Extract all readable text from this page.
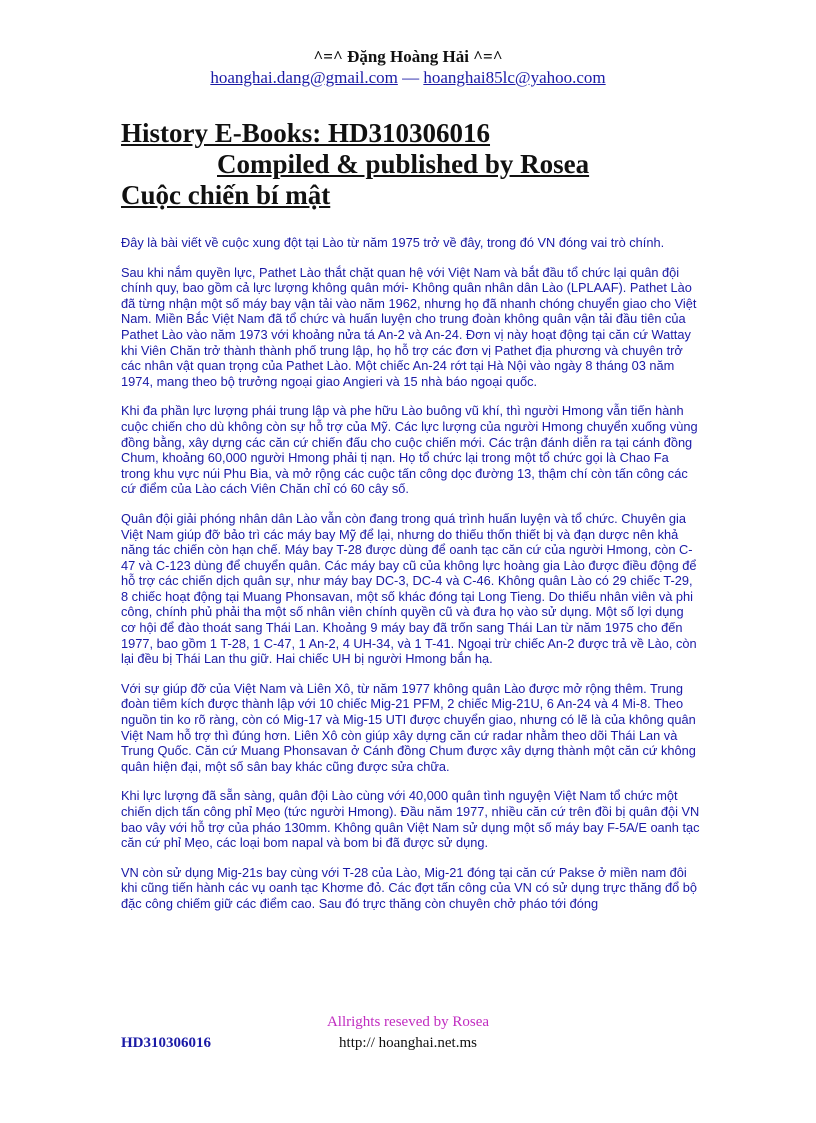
^=^ Đặng Hoàng Hải ^=^
hoanghai.dang@gmail.com — hoanghai85lc@yahoo.com
History E-Books: HD310306016
Compiled & published by Rosea
Cuộc chiến bí mật

Đây là bài viết về cuộc xung đột tại Lào từ năm 1975 trở về đây, trong đó VN đóng vai trò chính.

Sau khi nắm quyền lực, Pathet Lào thắt chặt quan hệ với Việt Nam và bắt đầu tổ chức lại quân đội chính quy, bao gồm cả lực lượng không quân mới- Không quân nhân dân Lào (LPLAAF). Pathet Lào đã từng nhận một số máy bay vận tải vào năm 1962, nhưng họ đã nhanh chóng chuyển giao cho Việt Nam. Miền Bắc Việt Nam đã tổ chức và huấn luyện cho trung đoàn không quân vận tải đầu tiên của Pathet Lào vào năm 1973 với khoảng nửa tá An-2 và An-24. Đơn vị này hoạt động tại căn cứ Wattay khi Viên Chăn trở thành thành phố trung lập, họ hỗ trợ các đơn vị Pathet địa phương và chuyên trở các nhân vật quan trọng của Pathet Lào. Một chiếc An-24 rớt tại Hà Nội vào ngày 8 tháng 03 năm 1974, mang theo bộ trưởng ngoại giao Angieri và 15 nhà báo ngoại quốc.

Khi đa phần lực lượng phái trung lập và phe hữu Lào buông vũ khí, thì người Hmong vẫn tiến hành cuộc chiến cho dù không còn sự hỗ trợ của Mỹ. Các lực lượng của người Hmong chuyển xuống vùng đồng bằng, xây dựng các căn cứ chiến đấu cho cuộc chiến mới. Các trận đánh diễn ra tại cánh đồng Chum, khoảng 60,000 người Hmong phải tị nạn. Họ tổ chức lại trong một tổ chức gọi là Chao Fa trong khu vực núi Phu Bia, và mở rộng các cuộc tấn công dọc đường 13, thậm chí còn tấn công các cứ điểm của Lào cách Viên Chăn chỉ có 60 cây số.

Quân đội giải phóng nhân dân Lào vẫn còn đang trong quá trình huấn luyện và tổ chức. Chuyên gia Việt Nam giúp đỡ bảo trì các máy bay Mỹ để lại, nhưng do thiếu thốn thiết bị và đạn dược nên khả năng tác chiến còn hạn chế. Máy bay T-28 được dùng để oanh tạc căn cứ của người Hmong, còn C-47 và C-123 dùng để chuyển quân. Các máy bay cũ của không lực hoàng gia Lào được điều động để hỗ trợ các chiến dịch quân sự, như máy bay DC-3, DC-4 và C-46. Không quân Lào có 29 chiếc T-29, 8 chiếc hoạt động tại Muang Phonsavan, một số khác đóng tại Long Tieng. Do thiếu nhân viên và phi công, chính phủ phải tha một số nhân viên chính quyền cũ và đưa họ vào sử dụng. Một số lợi dụng cơ hội để đào thoát sang Thái Lan. Khoảng 9 máy bay đã trốn sang Thái Lan từ năm 1975 cho đến 1977, bao gồm 1 T-28, 1 C-47, 1 An-2, 4 UH-34, và 1 T-41. Ngoại trừ chiếc An-2 được trả về Lào, còn lại đều bị Thái Lan thu giữ. Hai chiếc UH bị người Hmong bắn hạ.

Với sự giúp đỡ của Việt Nam và Liên Xô, từ năm 1977 không quân Lào được mở rộng thêm. Trung đoàn tiêm kích được thành lập với 10 chiếc Mig-21 PFM, 2 chiếc Mig-21U, 6 An-24 và 4 Mi-8. Theo nguồn tin ko rõ ràng, còn có Mig-17 và Mig-15 UTI được chuyển giao, nhưng có lẽ là của không quân Việt Nam hỗ trợ thì đúng hơn. Liên Xô còn giúp xây dựng căn cứ radar nhằm theo dõi Thái Lan và Trung Quốc. Căn cứ Muang Phonsavan ở Cánh đồng Chum được xây dựng thành một căn cứ không quân hiện đại, một số sân bay khác cũng được sửa chữa.

Khi lực lượng đã sẵn sàng, quân đội Lào cùng với 40,000 quân tình nguyện Việt Nam tổ chức một chiến dịch tấn công phỉ Mẹo (tức người Hmong). Đầu năm 1977, nhiều căn cứ trên đồi bị quân đội VN bao vây với hỗ trợ của pháo 130mm. Không quân Việt Nam sử dụng một số máy bay F-5A/E oanh tạc căn cứ phỉ Mẹo, các loại bom napal và bom bi đã được sử dụng.

VN còn sử dụng Mig-21s bay cùng với T-28 của Lào, Mig-21 đóng tại căn cứ Pakse ở miền nam đôi khi cũng tiến hành các vụ oanh tạc Khơme đỏ. Các đợt tấn công của VN có sử dụng trực thăng đổ bộ đặc công chiếm giữ các điểm cao. Sau đó trực thăng còn chuyên chở pháo tới đóng

Allrights reseved by Rosea
HD310306016	http:// hoanghai.net.ms
